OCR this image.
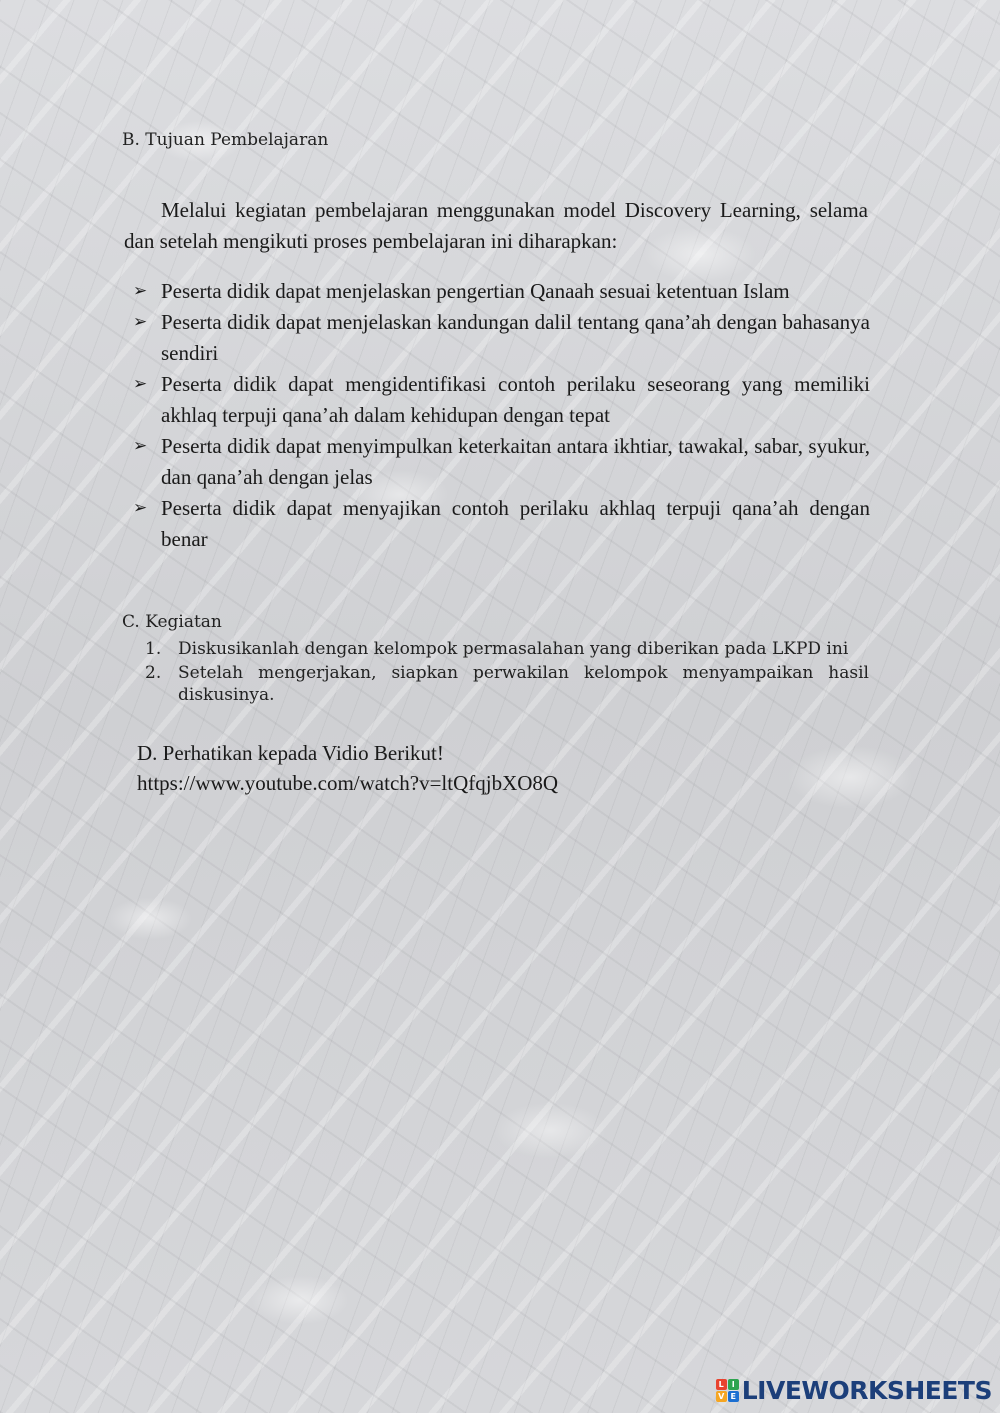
B. Tujuan Pembelajaran
Melalui kegiatan pembelajaran menggunakan model Discovery Learning, selama dan setelah mengikuti proses pembelajaran ini diharapkan:
➢ Peserta didik dapat menjelaskan pengertian Qanaah sesuai ketentuan Islam
➢ Peserta didik dapat menjelaskan kandungan dalil tentang qana’ah dengan bahasanya sendiri
➢ Peserta didik dapat mengidentifikasi contoh perilaku seseorang yang memiliki akhlaq terpuji qana’ah dalam kehidupan dengan tepat
➢ Peserta didik dapat menyimpulkan keterkaitan antara ikhtiar, tawakal, sabar, syukur, dan qana’ah dengan jelas
➢ Peserta didik dapat menyajikan contoh perilaku akhlaq terpuji qana’ah dengan benar
C. Kegiatan
1. Diskusikanlah dengan kelompok permasalahan yang diberikan pada LKPD ini
2. Setelah mengerjakan, siapkan perwakilan kelompok menyampaikan hasil diskusinya.
D. Perhatikan kepada Vidio Berikut!
https://www.youtube.com/watch?v=ltQfqjbXO8Q
L I
V E LIVEWORKSHEETS
